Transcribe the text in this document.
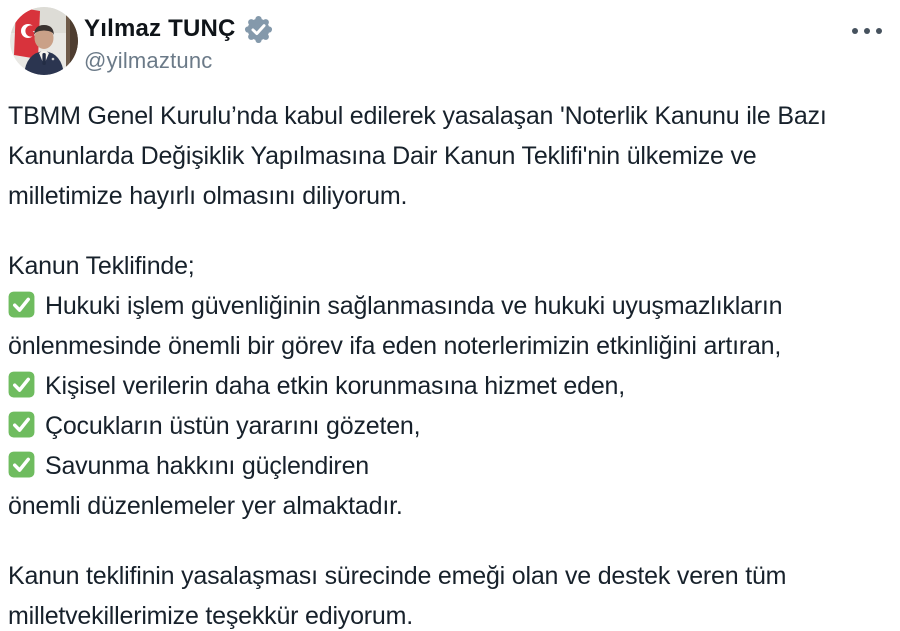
Yılmaz TUNÇ
@yilmaztunc
TBMM Genel Kurulu’nda kabul edilerek yasalaşan 'Noterlik Kanunu ile Bazı
Kanunlarda Değişiklik Yapılmasına Dair Kanun Teklifi'nin ülkemize ve
milletimize hayırlı olmasını diliyorum.
Kanun Teklifinde;
Hukuki işlem güvenliğinin sağlanmasında ve hukuki uyuşmazlıkların
önlenmesinde önemli bir görev ifa eden noterlerimizin etkinliğini artıran,
Kişisel verilerin daha etkin korunmasına hizmet eden,
Çocukların üstün yararını gözeten,
Savunma hakkını güçlendiren
önemli düzenlemeler yer almaktadır.
Kanun teklifinin yasalaşması sürecinde emeği olan ve destek veren tüm
milletvekillerimize teşekkür ediyorum.
